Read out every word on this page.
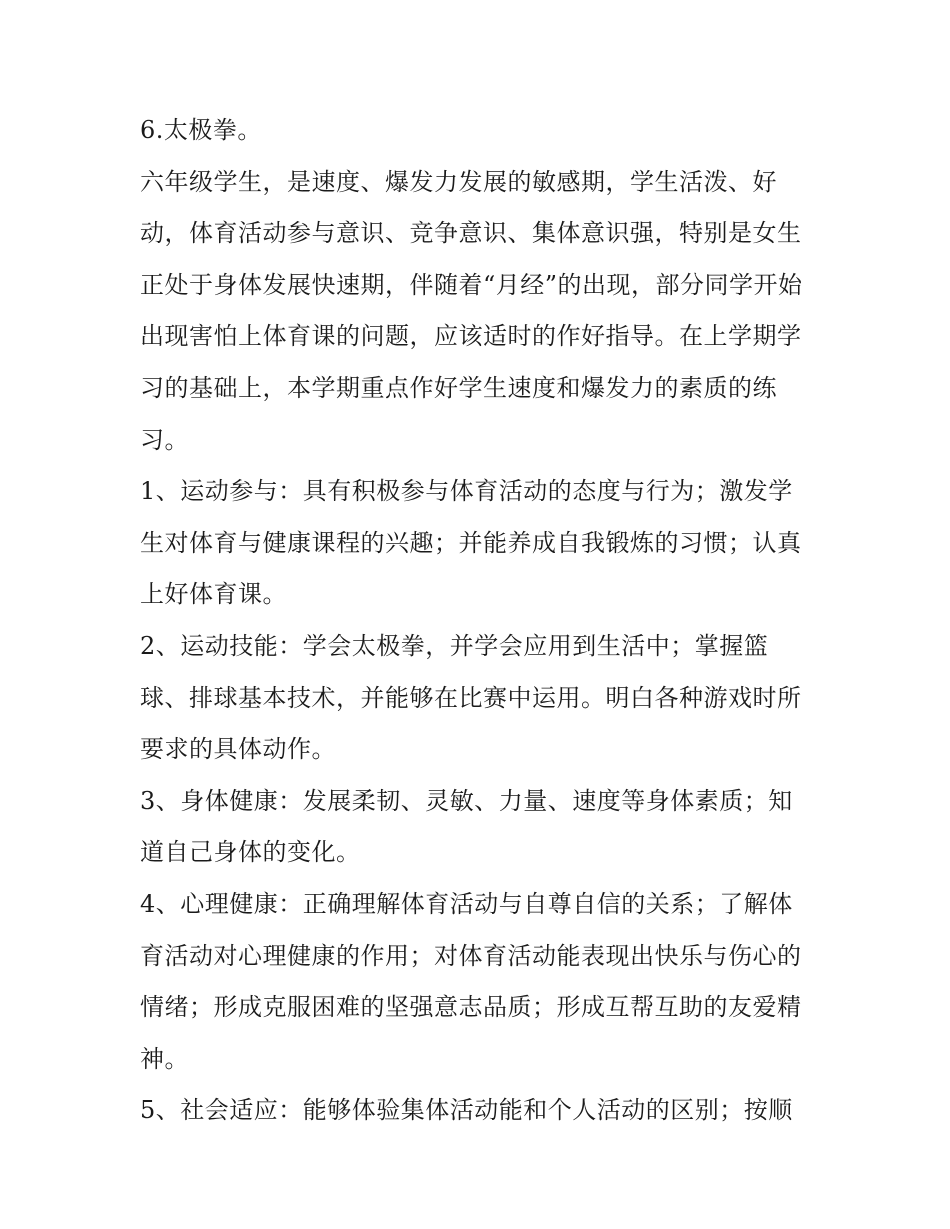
6.太极拳。
六年级学生，是速度、爆发力发展的敏感期，学生活泼、好
动，体育活动参与意识、竞争意识、集体意识强，特别是女生
正处于身体发展快速期，伴随着“月经”的出现，部分同学开始
出现害怕上体育课的问题，应该适时的作好指导。在上学期学
习的基础上，本学期重点作好学生速度和爆发力的素质的练
习。
1、运动参与：具有积极参与体育活动的态度与行为；激发学
生对体育与健康课程的兴趣；并能养成自我锻炼的习惯；认真
上好体育课。
2、运动技能：学会太极拳，并学会应用到生活中；掌握篮
球、排球基本技术，并能够在比赛中运用。明白各种游戏时所
要求的具体动作。
3、身体健康：发展柔韧、灵敏、力量、速度等身体素质；知
道自己身体的变化。
4、心理健康：正确理解体育活动与自尊自信的关系；了解体
育活动对心理健康的作用；对体育活动能表现出快乐与伤心的
情绪；形成克服困难的坚强意志品质；形成互帮互助的友爱精
神。
5、社会适应：能够体验集体活动能和个人活动的区别；按顺
